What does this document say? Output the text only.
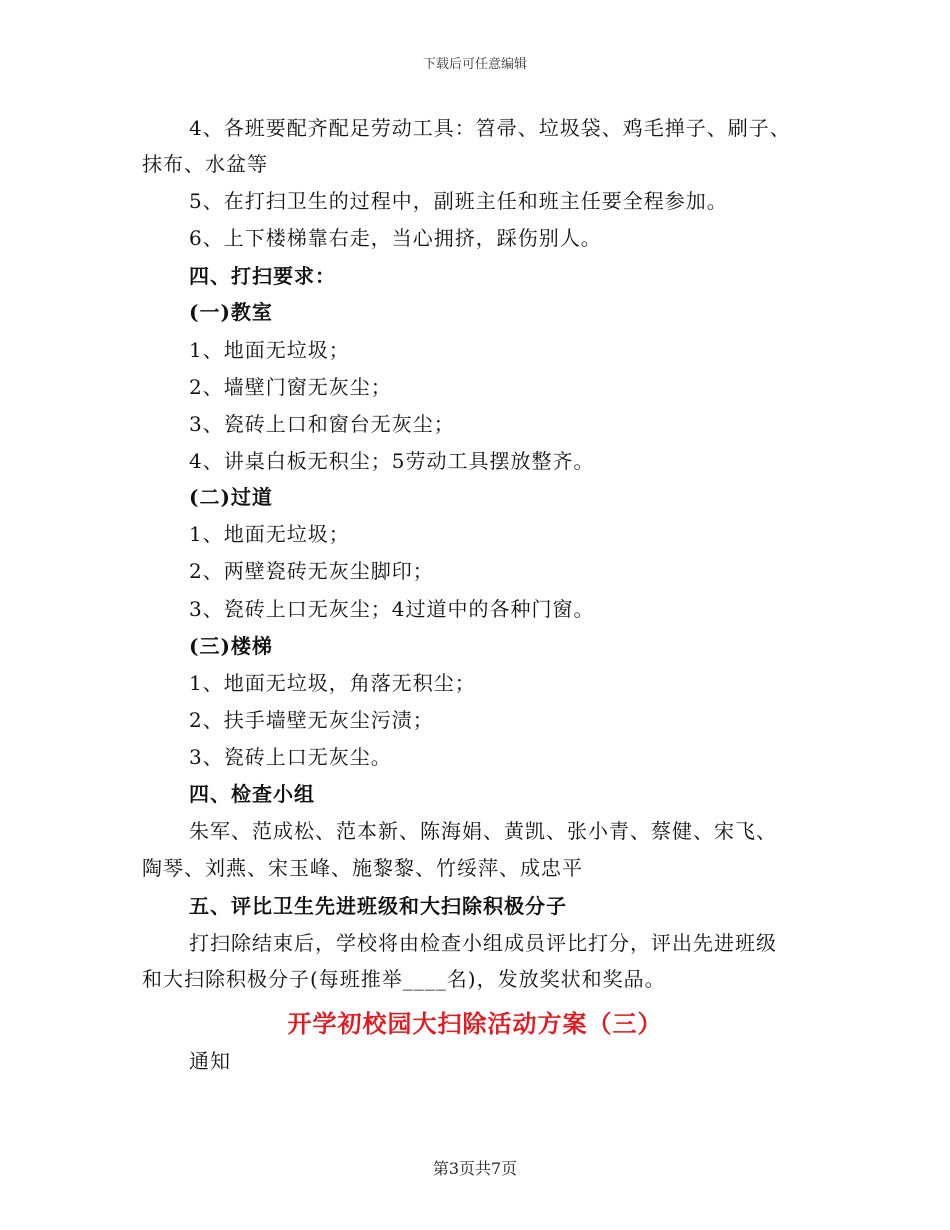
下载后可任意编辑
4、各班要配齐配足劳动工具：笤帚、垃圾袋、鸡毛掸子、刷子、
抹布、水盆等
5、在打扫卫生的过程中，副班主任和班主任要全程参加。
6、上下楼梯靠右走，当心拥挤，踩伤别人。
四、打扫要求：
(一)教室
1、地面无垃圾；
2、墙壁门窗无灰尘；
3、瓷砖上口和窗台无灰尘；
4、讲桌白板无积尘；5劳动工具摆放整齐。
(二)过道
1、地面无垃圾；
2、两壁瓷砖无灰尘脚印；
3、瓷砖上口无灰尘；4过道中的各种门窗。
(三)楼梯
1、地面无垃圾，角落无积尘；
2、扶手墙壁无灰尘污渍；
3、瓷砖上口无灰尘。
四、检查小组
朱军、范成松、范本新、陈海娟、黄凯、张小青、蔡健、宋飞、
陶琴、刘燕、宋玉峰、施黎黎、竹绥萍、成忠平
五、评比卫生先进班级和大扫除积极分子
打扫除结束后，学校将由检查小组成员评比打分，评出先进班级
和大扫除积极分子(每班推举____名)，发放奖状和奖品。
开学初校园大扫除活动方案（三）
通知
第3页共7页
